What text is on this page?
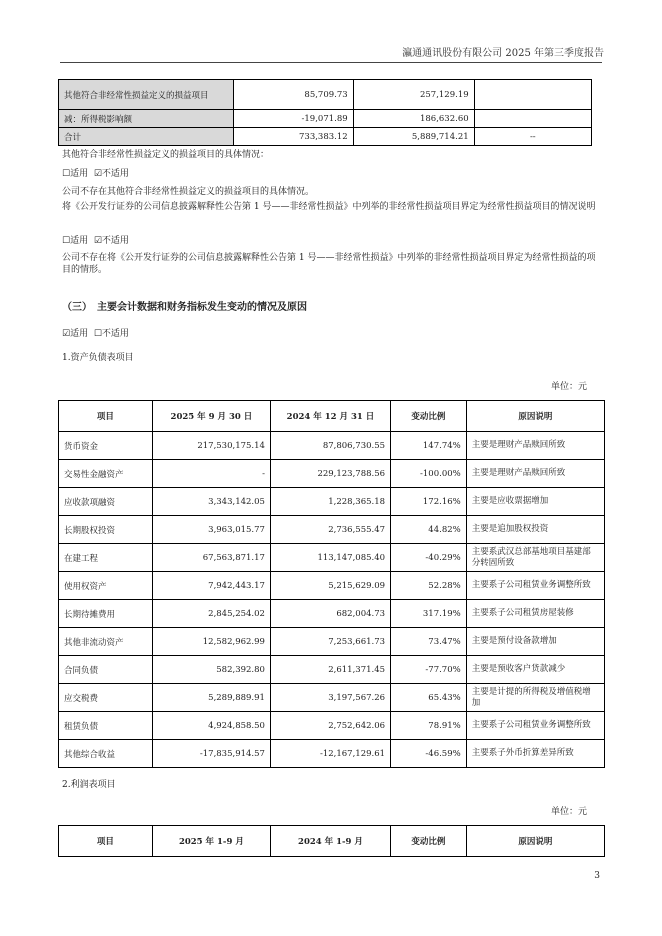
瀛通通讯股份有限公司 2025 年第三季度报告
其他符合非经常性损益定义的损益项目	85,709.73	257,129.19	
减：所得税影响额	-19,071.89	186,632.60	
合计	733,383.12	5,889,714.21	--
其他符合非经常性损益定义的损益项目的具体情况：
☐适用 ☑不适用
公司不存在其他符合非经常性损益定义的损益项目的具体情况。
将《公开发行证券的公司信息披露解释性公告第 1 号——非经常性损益》中列举的非经常性损益项目界定为经常性损益项目的情况说明
☐适用 ☑不适用
公司不存在将《公开发行证券的公司信息披露解释性公告第 1 号——非经常性损益》中列举的非经常性损益项目界定为经常性损益的项目的情形。
（三）　主要会计数据和财务指标发生变动的情况及原因
☑适用 ☐不适用
1.资产负债表项目
单位：元
项目	2025 年 9 月 30 日	2024 年 12 月 31 日	变动比例	原因说明
货币资金	217,530,175.14	87,806,730.55	147.74%	主要是理财产品赎回所致
交易性金融资产	-	229,123,788.56	-100.00%	主要是理财产品赎回所致
应收款项融资	3,343,142.05	1,228,365.18	172.16%	主要是应收票据增加
长期股权投资	3,963,015.77	2,736,555.47	44.82%	主要是追加股权投资
在建工程	67,563,871.17	113,147,085.40	-40.29%	主要系武汉总部基地项目基建部分转固所致
使用权资产	7,942,443.17	5,215,629.09	52.28%	主要系子公司租赁业务调整所致
长期待摊费用	2,845,254.02	682,004.73	317.19%	主要系子公司租赁房屋装修
其他非流动资产	12,582,962.99	7,253,661.73	73.47%	主要是预付设备款增加
合同负债	582,392.80	2,611,371.45	-77.70%	主要是预收客户货款减少
应交税费	5,289,889.91	3,197,567.26	65.43%	主要是计提的所得税及增值税增加
租赁负债	4,924,858.50	2,752,642.06	78.91%	主要系子公司租赁业务调整所致
其他综合收益	-17,835,914.57	-12,167,129.61	-46.59%	主要系子外币折算差异所致
2.利润表项目
单位：元
项目	2025 年 1-9 月	2024 年 1-9 月	变动比例	原因说明
3
